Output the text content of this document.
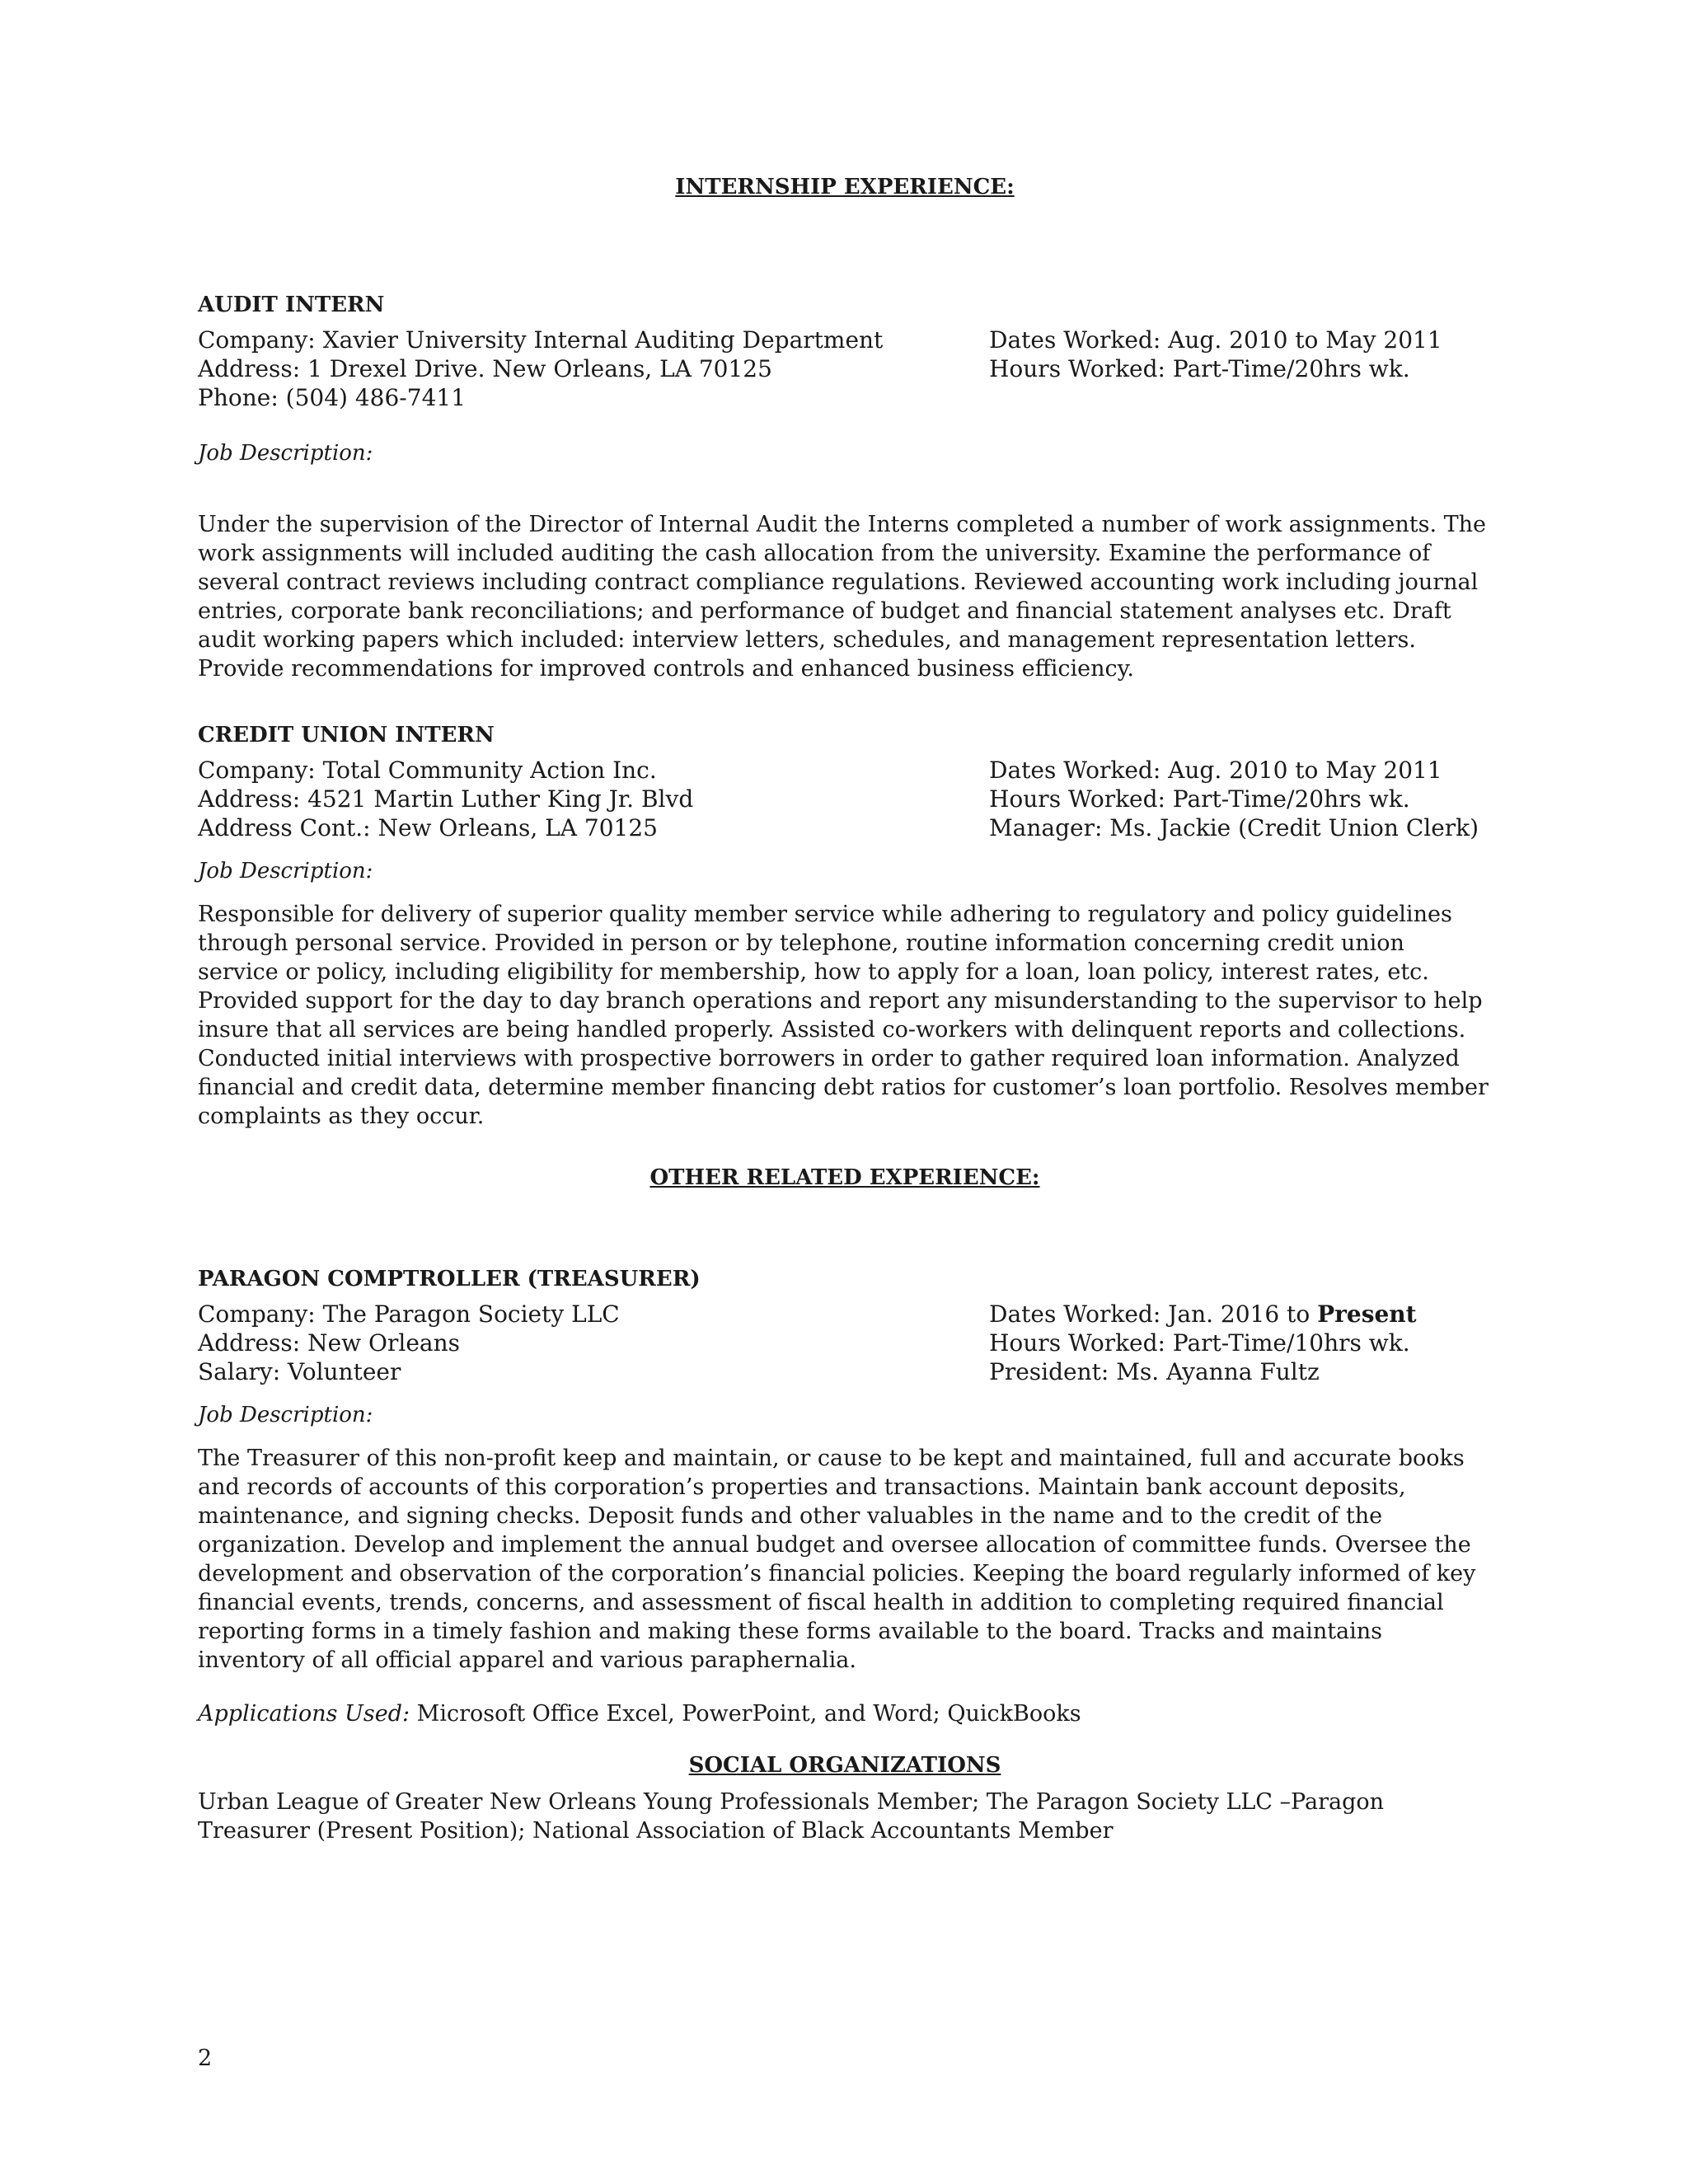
INTERNSHIP EXPERIENCE:
AUDIT INTERN
Company: Xavier University Internal Auditing Department
Address: 1 Drexel Drive. New Orleans, LA 70125
Phone: (504) 486-7411
Dates Worked: Aug. 2010 to May 2011
Hours Worked: Part-Time/20hrs wk.
Job Description:

Under the supervision of the Director of Internal Audit the Interns completed a number of work assignments. The work assignments will included auditing the cash allocation from the university. Examine the performance of several contract reviews including contract compliance regulations. Reviewed accounting work including journal entries, corporate bank reconciliations; and performance of budget and financial statement analyses etc. Draft audit working papers which included: interview letters, schedules, and management representation letters. Provide recommendations for improved controls and enhanced business efficiency.

CREDIT UNION INTERN
Company: Total Community Action Inc.
Address: 4521 Martin Luther King Jr. Blvd
Address Cont.: New Orleans, LA 70125
Dates Worked: Aug. 2010 to May 2011
Hours Worked: Part-Time/20hrs wk.
Manager: Ms. Jackie (Credit Union Clerk)
Job Description:

Responsible for delivery of superior quality member service while adhering to regulatory and policy guidelines through personal service. Provided in person or by telephone, routine information concerning credit union service or policy, including eligibility for membership, how to apply for a loan, loan policy, interest rates, etc. Provided support for the day to day branch operations and report any misunderstanding to the supervisor to help insure that all services are being handled properly. Assisted co-workers with delinquent reports and collections. Conducted initial interviews with prospective borrowers in order to gather required loan information. Analyzed financial and credit data, determine member financing debt ratios for customer’s loan portfolio. Resolves member complaints as they occur.

OTHER RELATED EXPERIENCE:
PARAGON COMPTROLLER (TREASURER)
Company: The Paragon Society LLC
Address: New Orleans
Salary: Volunteer
Dates Worked: Jan. 2016 to Present
Hours Worked: Part-Time/10hrs wk.
President: Ms. Ayanna Fultz
Job Description:

The Treasurer of this non-profit keep and maintain, or cause to be kept and maintained, full and accurate books and records of accounts of this corporation’s properties and transactions. Maintain bank account deposits, maintenance, and signing checks. Deposit funds and other valuables in the name and to the credit of the organization. Develop and implement the annual budget and oversee allocation of committee funds. Oversee the development and observation of the corporation’s financial policies. Keeping the board regularly informed of key financial events, trends, concerns, and assessment of fiscal health in addition to completing required financial reporting forms in a timely fashion and making these forms available to the board. Tracks and maintains inventory of all official apparel and various paraphernalia.

Applications Used: Microsoft Office Excel, PowerPoint, and Word; QuickBooks
SOCIAL ORGANIZATIONS

Urban League of Greater New Orleans Young Professionals Member; The Paragon Society LLC –Paragon Treasurer (Present Position); National Association of Black Accountants Member

2
